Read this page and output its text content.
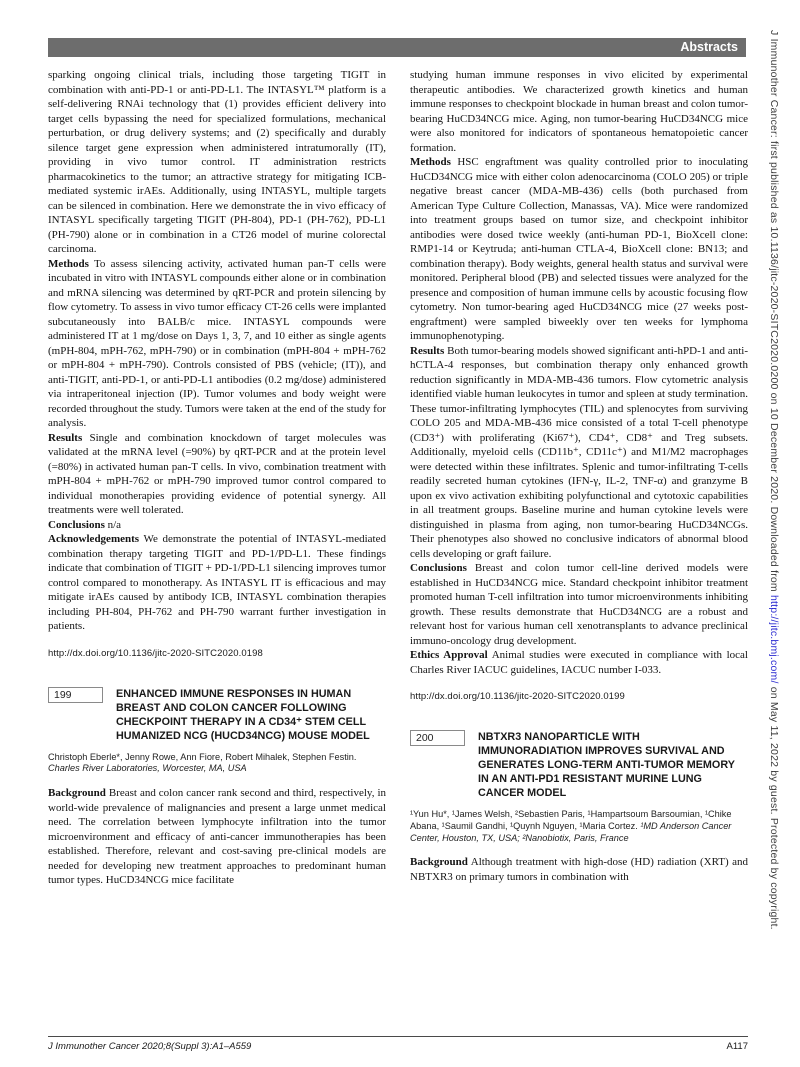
Abstracts

sparking ongoing clinical trials, including those targeting TIGIT in combination with anti-PD-1 or anti-PD-L1. The INTASYL™ platform is a self-delivering RNAi technology that (1) provides efficient delivery into target cells bypassing the need for specialized formulations, mechanical perturbation, or drug delivery systems; and (2) specifically and durably silence target gene expression when administered intratumorally (IT), providing in vivo tumor control. IT administration restricts pharmacokinetics to the tumor; an attractive strategy for mitigating ICB-mediated systemic irAEs. Additionally, using INTASYL, multiple targets can be silenced in combination. Here we demonstrate the in vivo efficacy of INTASYL specifically targeting TIGIT (PH-804), PD-1 (PH-762), PD-L1 (PH-790) alone or in combination in a CT26 model of murine colorectal carcinoma.

Methods To assess silencing activity, activated human pan-T cells were incubated in vitro with INTASYL compounds either alone or in combination and mRNA silencing was determined by qRT-PCR and protein silencing by flow cytometry. To assess in vivo tumor efficacy CT-26 cells were implanted subcutaneously into BALB/c mice. INTASYL compounds were administered IT at 1 mg/dose on Days 1, 3, 7, and 10 either as single agents (mPH-804, mPH-762, mPH-790) or in combination (mPH-804 + mPH-762 or mPH-804 + mPH-790). Controls consisted of PBS (vehicle; (IT)), and anti-TIGIT, anti-PD-1, or anti-PD-L1 antibodies (0.2 mg/dose) administered via intraperitoneal injection (IP). Tumor volumes and body weight were recorded throughout the study. Tumors were taken at the end of the study for analysis.

Results Single and combination knockdown of target molecules was validated at the mRNA level (=90%) by qRT-PCR and at the protein level (=80%) in activated human pan-T cells. In vivo, combination treatment with mPH-804 + mPH-762 or mPH-790 improved tumor control compared to individual monotherapies providing evidence of potential synergy. All treatments were well tolerated.

Conclusions n/a

Acknowledgements We demonstrate the potential of INTASYL-mediated combination therapy targeting TIGIT and PD-1/PD-L1. These findings indicate that combination of TIGIT + PD-1/PD-L1 silencing improves tumor control compared to monotherapy. As INTASYL IT is efficacious and may mitigate irAEs caused by antibody ICB, INTASYL combination therapies including PH-804, PH-762 and PH-790 warrant further investigation in patients.

http://dx.doi.org/10.1136/jitc-2020-SITC2020.0198
199	ENHANCED IMMUNE RESPONSES IN HUMAN BREAST AND COLON CANCER FOLLOWING CHECKPOINT THERAPY IN A CD34⁺ STEM CELL HUMANIZED NCG (HUCD34NCG) MOUSE MODEL
Christoph Eberle*, Jenny Rowe, Ann Fiore, Robert Mihalek, Stephen Festin. Charles River Laboratories, Worcester, MA, USA

Background Breast and colon cancer rank second and third, respectively, in world-wide prevalence of malignancies and present a large unmet medical need. The correlation between lymphocyte infiltration into the tumor microenvironment and efficacy of anti-cancer immunotherapies has been established. Therefore, relevant and cost-saving pre-clinical models are needed for developing new treatment approaches to predominant human tumor types. HuCD34NCG mice facilitate

studying human immune responses in vivo elicited by experimental therapeutic antibodies. We characterized growth kinetics and human immune responses to checkpoint blockade in human breast and colon tumor-bearing HuCD34NCG mice. Aging, non tumor-bearing HuCD34NCG mice were also monitored for indicators of spontaneous hematopoietic cancer formation.

Methods HSC engraftment was quality controlled prior to inoculating HuCD34NCG mice with either colon adenocarcinoma (COLO 205) or triple negative breast cancer (MDA-MB-436) cells (both purchased from American Type Culture Collection, Manassas, VA). Mice were randomized into treatment groups based on tumor size, and checkpoint inhibitor antibodies were dosed twice weekly (anti-human PD-1, BioXcell clone: RMP1-14 or Keytruda; anti-human CTLA-4, BioXcell clone: BN13; and combination therapy). Body weights, general health status and survival were monitored. Peripheral blood (PB) and selected tissues were analyzed for the presence and composition of human immune cells by acoustic focusing flow cytometry. Non tumor-bearing aged HuCD34NCG mice (27 weeks post-engraftment) were sampled biweekly over ten weeks for lymphoma immunophenotyping.

Results Both tumor-bearing models showed significant anti-hPD-1 and anti-hCTLA-4 responses, but combination therapy only enhanced growth reduction significantly in MDA-MB-436 tumors. Flow cytometric analysis identified viable human leukocytes in tumor and spleen at study termination. These tumor-infiltrating lymphocytes (TIL) and splenocytes from surviving COLO 205 and MDA-MB-436 mice consisted of a total T-cell phenotype (CD3⁺) with proliferating (Ki67⁺), CD4⁺, CD8⁺ and Treg subsets. Additionally, myeloid cells (CD11b⁺, CD11c⁺) and M1/M2 macrophages were detected within these infiltrates. Splenic and tumor-infiltrating T-cells readily secreted human cytokines (IFN-γ, IL-2, TNF-α) and granzyme B upon ex vivo activation exhibiting polyfunctional and cytotoxic capabilities in all treatment groups. Baseline murine and human cytokine levels were distinguished in plasma from aging, non tumor-bearing HuCD34NCGs. Their phenotypes also showed no conclusive indicators of abnormal blood cells developing or graft failure.

Conclusions Breast and colon tumor cell-line derived models were established in HuCD34NCG mice. Standard checkpoint inhibitor treatment promoted human T-cell infiltration into tumor microenvironments inhibiting growth. These results demonstrate that HuCD34NCG are a robust and relevant host for various human cell xenotransplants to advance preclinical immuno-oncology drug development.

Ethics Approval Animal studies were executed in compliance with local Charles River IACUC guidelines, IACUC number I-033.

http://dx.doi.org/10.1136/jitc-2020-SITC2020.0199
200	NBTXR3 NANOPARTICLE WITH IMMUNORADIATION IMPROVES SURVIVAL AND GENERATES LONG-TERM ANTI-TUMOR MEMORY IN AN ANTI-PD1 RESISTANT MURINE LUNG CANCER MODEL
¹Yun Hu*, ¹James Welsh, ²Sebastien Paris, ¹Hampartsoum Barsoumian, ¹Chike Abana, ¹Saumil Gandhi, ¹Quynh Nguyen, ¹Maria Cortez. ¹MD Anderson Cancer Center, Houston, TX, USA; ²Nanobiotix, Paris, France

Background Although treatment with high-dose (HD) radiation (XRT) and NBTXR3 on primary tumors in combination with

J Immunother Cancer 2020;8(Suppl 3):A1–A559	A117
J Immunother Cancer: first published as 10.1136/jitc-2020-SITC2020.0200 on 10 December 2020. Downloaded from http://jitc.bmj.com/ on May 11, 2022 by guest. Protected by copyright.
